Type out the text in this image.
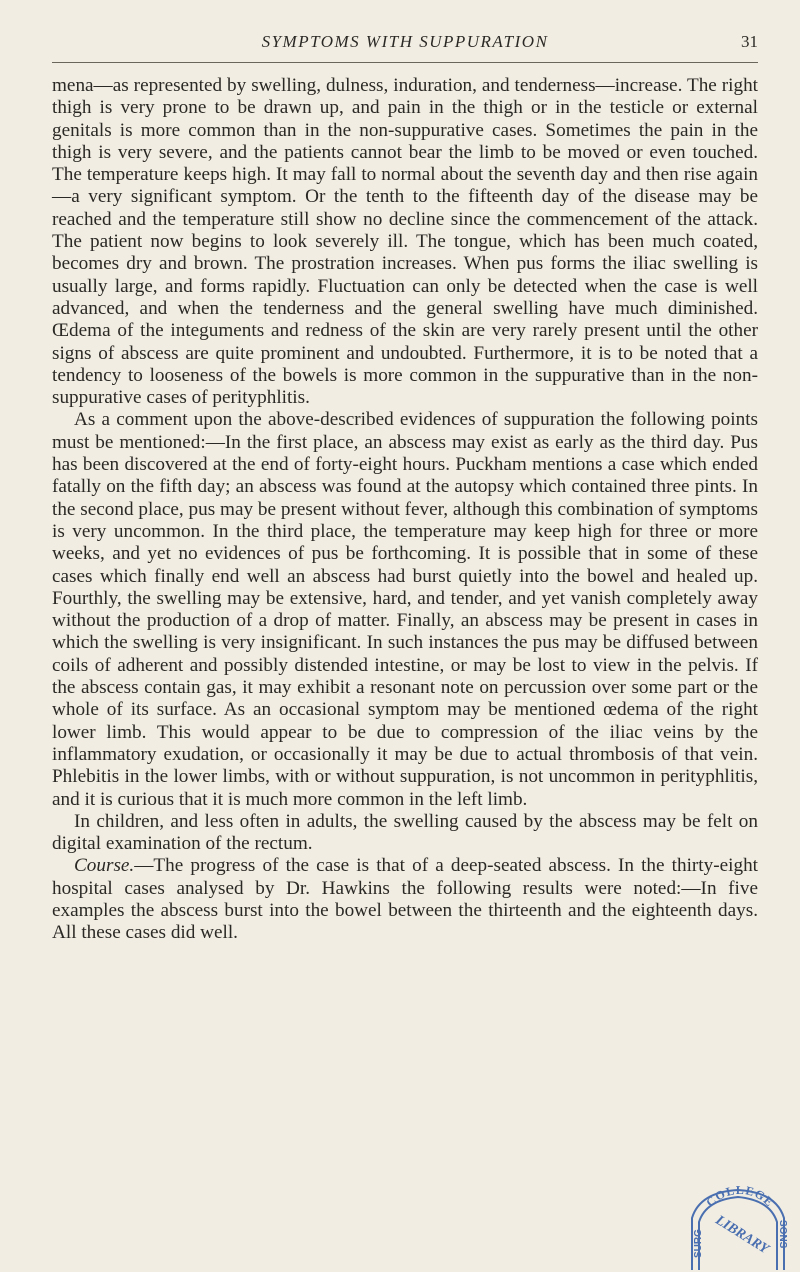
SYMPTOMS WITH SUPPURATION	31

mena—as represented by swelling, dulness, induration, and tenderness—increase. The right thigh is very prone to be drawn up, and pain in the thigh or in the testicle or external genitals is more common than in the non-suppurative cases. Sometimes the pain in the thigh is very severe, and the patients cannot bear the limb to be moved or even touched. The temperature keeps high. It may fall to normal about the seventh day and then rise again—a very significant symptom. Or the tenth to the fifteenth day of the disease may be reached and the temperature still show no decline since the commencement of the attack. The patient now begins to look severely ill. The tongue, which has been much coated, becomes dry and brown. The prostration increases. When pus forms the iliac swelling is usually large, and forms rapidly. Fluctuation can only be detected when the case is well advanced, and when the tenderness and the general swelling have much diminished. Œdema of the integuments and redness of the skin are very rarely present until the other signs of abscess are quite prominent and undoubted. Furthermore, it is to be noted that a tendency to looseness of the bowels is more common in the suppurative than in the non-suppurative cases of perityphlitis.

As a comment upon the above-described evidences of suppuration the following points must be mentioned:—In the first place, an abscess may exist as early as the third day. Pus has been discovered at the end of forty-eight hours. Puckham mentions a case which ended fatally on the fifth day; an abscess was found at the autopsy which contained three pints. In the second place, pus may be present without fever, although this combination of symptoms is very uncommon. In the third place, the temperature may keep high for three or more weeks, and yet no evidences of pus be forthcoming. It is possible that in some of these cases which finally end well an abscess had burst quietly into the bowel and healed up. Fourthly, the swelling may be extensive, hard, and tender, and yet vanish completely away without the production of a drop of matter. Finally, an abscess may be present in cases in which the swelling is very insignificant. In such instances the pus may be diffused between coils of adherent and possibly distended intestine, or may be lost to view in the pelvis. If the abscess contain gas, it may exhibit a resonant note on percussion over some part or the whole of its surface. As an occasional symptom may be mentioned œdema of the right lower limb. This would appear to be due to compression of the iliac veins by the inflammatory exudation, or occasionally it may be due to actual thrombosis of that vein. Phlebitis in the lower limbs, with or without suppuration, is not uncommon in perityphlitis, and it is curious that it is much more common in the left limb.

In children, and less often in adults, the swelling caused by the abscess may be felt on digital examination of the rectum.

Course.—The progress of the case is that of a deep-seated abscess. In the thirty-eight hospital cases analysed by Dr. Hawkins the following results were noted:—In five examples the abscess burst into the bowel between the thirteenth and the eighteenth days. All these cases did well.

COLLEGE
LIBRARY
SURG	SONS
